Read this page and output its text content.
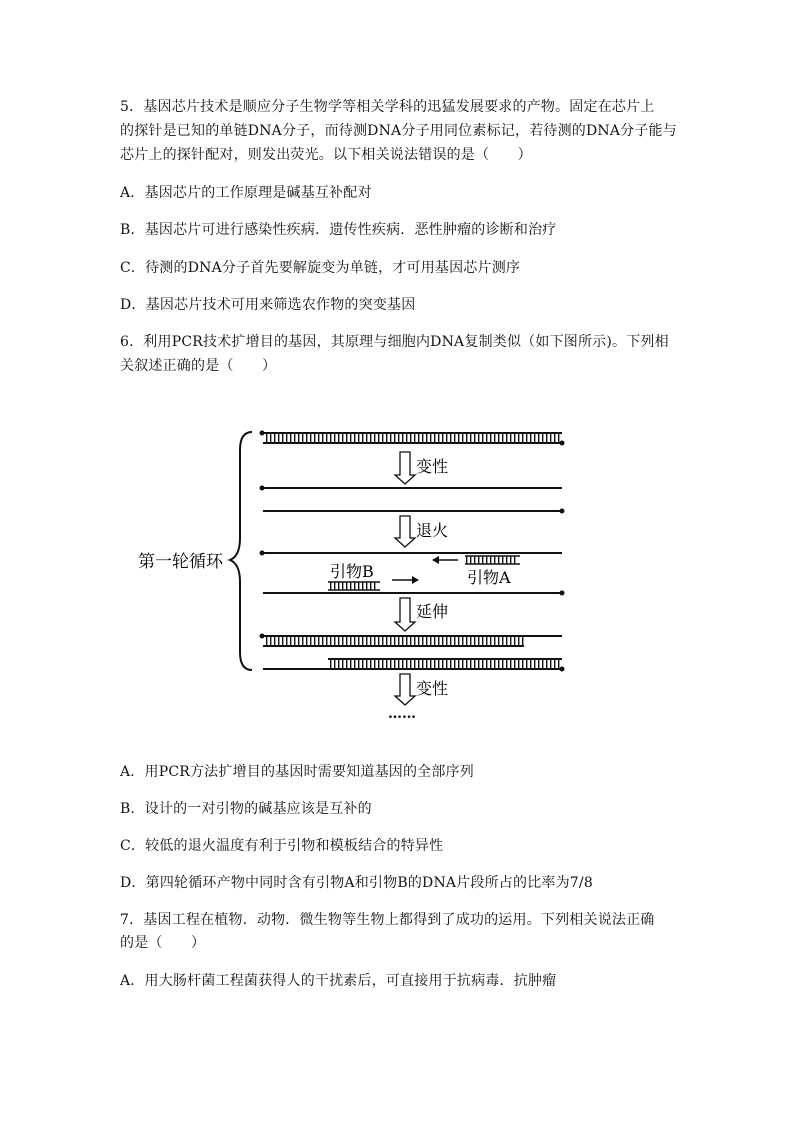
5．基因芯片技术是顺应分子生物学等相关学科的迅猛发展要求的产物。固定在芯片上
的探针是已知的单链DNA分子，而待测DNA分子用同位素标记，若待测的DNA分子能与
芯片上的探针配对，则发出荧光。以下相关说法错误的是（　　）
A．基因芯片的工作原理是碱基互补配对
B．基因芯片可进行感染性疾病．遗传性疾病．恶性肿瘤的诊断和治疗
C．待测的DNA分子首先要解旋变为单链，才可用基因芯片测序
D．基因芯片技术可用来筛选农作物的突变基因
6．利用PCR技术扩增目的基因，其原理与细胞内DNA复制类似（如下图所示)。下列相
关叙述正确的是（　　）
第一轮循环
变性
退火
引物A
引物B
延伸
变性
……
A．用PCR方法扩增目的基因时需要知道基因的全部序列
B．设计的一对引物的碱基应该是互补的
C．较低的退火温度有利于引物和模板结合的特异性
D．第四轮循环产物中同时含有引物A和引物B的DNA片段所占的比率为7/8
7．基因工程在植物．动物．微生物等生物上都得到了成功的运用。下列相关说法正确
的是（　　）
A．用大肠杆菌工程菌获得人的干扰素后，可直接用于抗病毒．抗肿瘤
